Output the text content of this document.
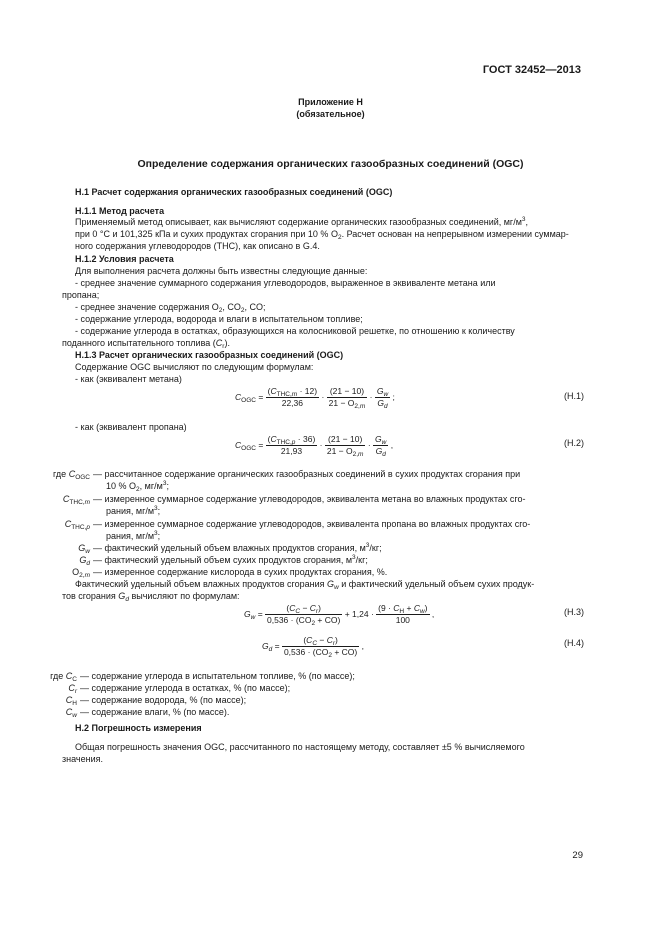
ГОСТ 32452—2013
Приложение Н
(обязательное)
Определение содержания органических газообразных соединений (OGC)
Н.1 Расчет содержания органических газообразных соединений (OGC)
Н.1.1 Метод расчета
Применяемый метод описывает, как вычисляют содержание органических газообразных соединений, $мг/м^3$,
при 0 °С и 101,325 кПа и сухих продуктах сгорания при 10 % $О_2$. Расчет основан на непрерывном измерении суммар-
ного содержания углеводородов (ТНС), как описано в G.4.
Н.1.2 Условия расчета
Для выполнения расчета должны быть известны следующие данные:
- среднее значение суммарного содержания углеводородов, выраженное в эквиваленте метана или
пропана;
- среднее значение содержания $О_2$, $CO_2$, CO;
- содержание углерода, водорода и влаги в испытательном топливе;
- содержание углерода в остатках, образующихся на колосниковой решетке, по отношению к количеству
поданного испытательного топлива $(C_r)$.
Н.1.3 Расчет органических газообразных соединений (OGC)
Содержание OGC вычисляют по следующим формулам:
- как (эквивалент метана)
$C_{OGC} = \frac{(C_{THC,m} \cdot 12)}{22,36} \cdot \frac{(21 - 10)}{21 - O_{2,m}} \cdot \frac{G_w}{G_d}$ ;	(Н.1)
- как (эквивалент пропана)
$C_{OGC} = \frac{(C_{THC,p} \cdot 36)}{21,93} \cdot \frac{(21 - 10)}{21 - O_{2,m}} \cdot \frac{G_w}{G_d}$ ,	(Н.2)
где $C_{OGC}$ — рассчитанное содержание органических газообразных соединений в сухих продуктах сгорания при
10 % $О_2$, $мг/м^3$;
$C_{THC,m}$ — измеренное суммарное содержание углеводородов, эквивалента метана во влажных продуктах сго-
рания, $мг/м^3$;
$C_{THC,p}$ — измеренное суммарное содержание углеводородов, эквивалента пропана во влажных продуктах сго-
рания, $мг/м^3$;
$G_w$ — фактический удельный объем влажных продуктов сгорания, $м^3/кг$;
$G_d$ — фактический удельный объем сухих продуктов сгорания, $м^3/кг$;
$O_{2,m}$ — измеренное содержание кислорода в сухих продуктах сгорания, %.
Фактический удельный объем влажных продуктов сгорания $G_w$ и фактический удельный объем сухих продук-
тов сгорания $G_d$ вычисляют по формулам:
$G_w = \frac{(C_C - C_r)}{0,536 \cdot (CO_2 + CO)} + 1,24 \cdot \frac{(9 \cdot C_H + C_w)}{100}$ ,	(Н.3)
$G_d = \frac{(C_C - C_r)}{0,536 \cdot (CO_2 + CO)}$ ,	(Н.4)
где $C_C$ — содержание углерода в испытательном топливе, % (по массе);
$C_r$ — содержание углерода в остатках, % (по массе);
$C_H$ — содержание водорода, % (по массе);
$C_w$ — содержание влаги, % (по массе).
Н.2 Погрешность измерения
Общая погрешность значения OGC, рассчитанного по настоящему методу, составляет ±5 % вычисляемого
значения.
29
